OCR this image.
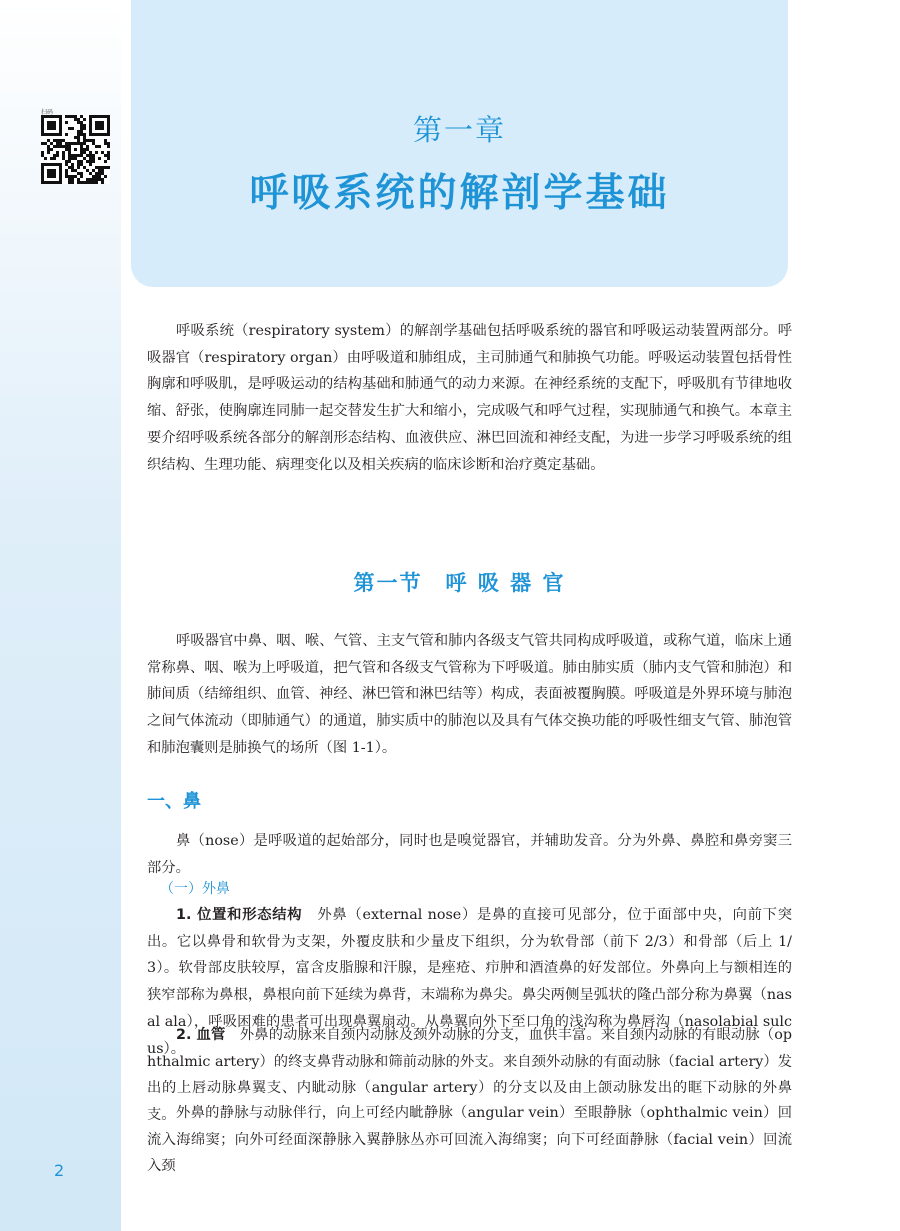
扫码
第一章
呼吸系统的解剖学基础

呼吸系统（respiratory system）的解剖学基础包括呼吸系统的器官和呼吸运动装置两部分。呼吸器官（respiratory organ）由呼吸道和肺组成，主司肺通气和肺换气功能。呼吸运动装置包括骨性胸廓和呼吸肌，是呼吸运动的结构基础和肺通气的动力来源。在神经系统的支配下，呼吸肌有节律地收缩、舒张，使胸廓连同肺一起交替发生扩大和缩小，完成吸气和呼气过程，实现肺通气和换气。本章主要介绍呼吸系统各部分的解剖形态结构、血液供应、淋巴回流和神经支配，为进一步学习呼吸系统的组织结构、生理功能、病理变化以及相关疾病的临床诊断和治疗奠定基础。

第一节　呼 吸 器 官

呼吸器官中鼻、咽、喉、气管、主支气管和肺内各级支气管共同构成呼吸道，或称气道，临床上通常称鼻、咽、喉为上呼吸道，把气管和各级支气管称为下呼吸道。肺由肺实质（肺内支气管和肺泡）和肺间质（结缔组织、血管、神经、淋巴管和淋巴结等）构成，表面被覆胸膜。呼吸道是外界环境与肺泡之间气体流动（即肺通气）的通道，肺实质中的肺泡以及具有气体交换功能的呼吸性细支气管、肺泡管和肺泡囊则是肺换气的场所（图 1-1）。

一、鼻

鼻（nose）是呼吸道的起始部分，同时也是嗅觉器官，并辅助发音。分为外鼻、鼻腔和鼻旁窦三部分。

（一）外鼻

1. 位置和形态结构　外鼻（external nose）是鼻的直接可见部分，位于面部中央，向前下突出。它以鼻骨和软骨为支架，外覆皮肤和少量皮下组织，分为软骨部（前下 2/3）和骨部（后上 1/3）。软骨部皮肤较厚，富含皮脂腺和汗腺，是痤疮、疖肿和酒渣鼻的好发部位。外鼻向上与额相连的狭窄部称为鼻根，鼻根向前下延续为鼻背，末端称为鼻尖。鼻尖两侧呈弧状的隆凸部分称为鼻翼（nasal ala），呼吸困难的患者可出现鼻翼扇动。从鼻翼向外下至口角的浅沟称为鼻唇沟（nasolabial sulcus）。

2. 血管　外鼻的动脉来自颈内动脉及颈外动脉的分支，血供丰富。来自颈内动脉的有眼动脉（ophthalmic artery）的终支鼻背动脉和筛前动脉的外支。来自颈外动脉的有面动脉（facial artery）发出的上唇动脉鼻翼支、内眦动脉（angular artery）的分支以及由上颌动脉发出的眶下动脉的外鼻支。 外鼻的静脉与动脉伴行，向上可经内眦静脉（angular vein）至眼静脉（ophthalmic vein）回流入海绵窦；向外可经面深静脉入翼静脉丛亦可回流入海绵窦；向下可经面静脉（facial vein）回流入颈

2
